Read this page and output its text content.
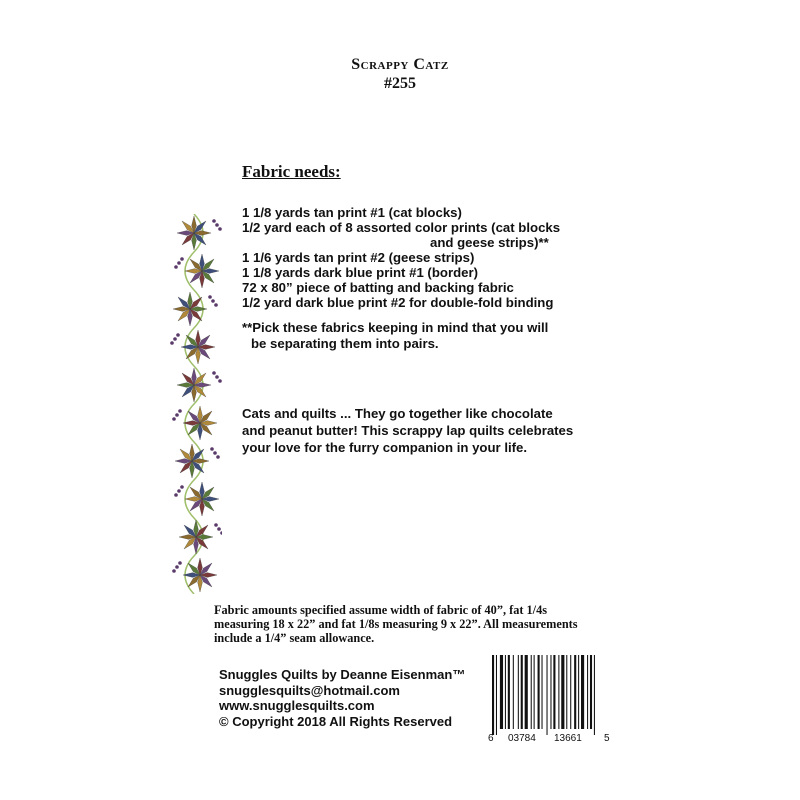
Scrappy Catz
#255
Fabric needs:
1 1/8 yards tan print #1 (cat blocks)
1/2 yard each of 8 assorted color prints (cat blocks
and geese strips)**
1 1/6 yards tan print #2 (geese strips)
1 1/8 yards dark blue print #1 (border)
72 x 80” piece of batting and backing fabric
1/2 yard dark blue print #2 for double-fold binding
**Pick these fabrics keeping in mind that you will
be separating them into pairs.
Cats and quilts ... They go together like chocolate
and peanut butter! This scrappy lap quilts celebrates
your love for the furry companion in your life.
Fabric amounts specified assume width of fabric of 40”, fat 1/4s
measuring 18 x 22” and fat 1/8s measuring 9 x 22”. All measurements
include a 1/4” seam allowance.
Snuggles Quilts by Deanne Eisenman™
snugglesquilts@hotmail.com
www.snugglesquilts.com
© Copyright 2018 All Rights Reserved
6 03784 13661 5
